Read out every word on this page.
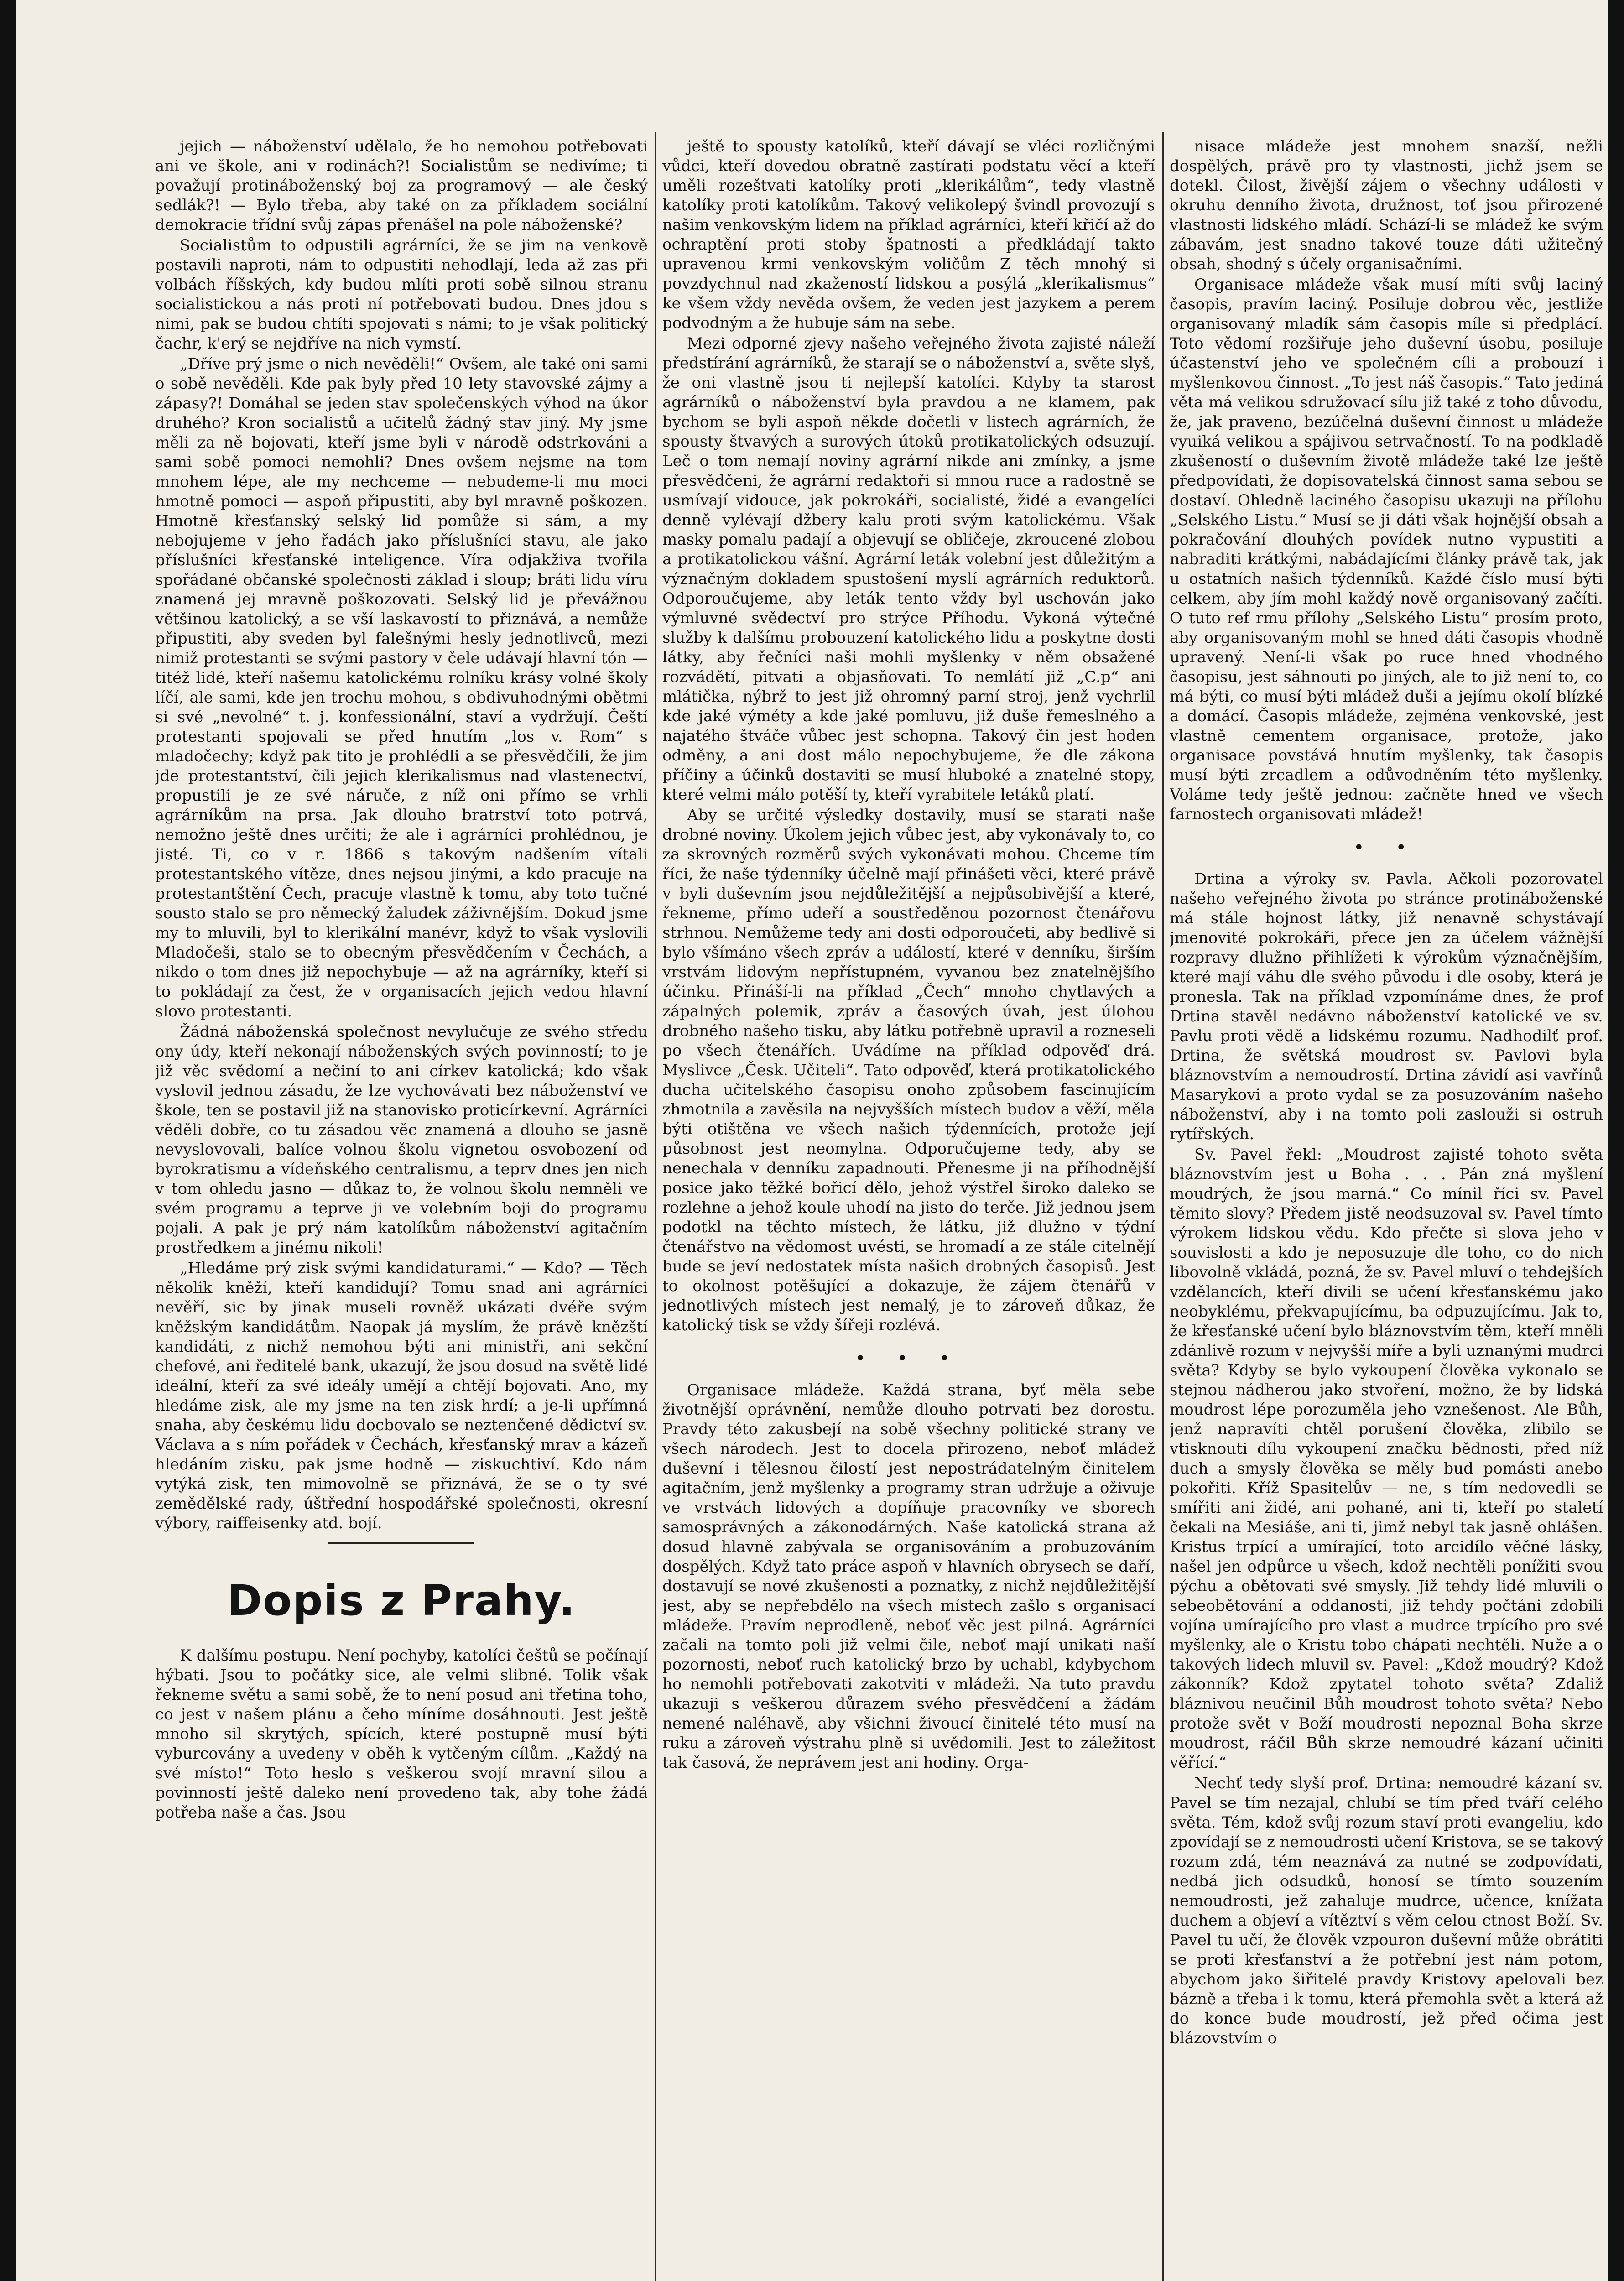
jejich — náboženství udělalo, že ho nemohou potřebovati ani ve škole, ani v rodinách?! Socialistům se nedivíme; ti považují protináboženský boj za programový — ale český sedlák?! — Bylo třeba, aby také on za příkladem sociální demokracie třídní svůj zápas přenášel na pole náboženské?

Socialistům to odpustili agrárníci, že se jim na venkově postavili naproti, nám to odpustiti nehodlají, leda až zas při volbách říšských, kdy budou mlíti proti sobě silnou stranu socialistickou a nás proti ní potřebovati budou. Dnes jdou s nimi, pak se budou chtíti spojovati s námi; to je však politický čachr, k'erý se nejdříve na nich vymstí.

„Dříve prý jsme o nich nevěděli!“ Ovšem, ale také oni sami o sobě nevěděli. Kde pak byly před 10 lety stavovské zájmy a zápasy?! Domáhal se jeden stav společenských výhod na úkor druhého? Kron socialistů a učitelů žádný stav jiný. My jsme měli za ně bojovati, kteří jsme byli v národě odstrkováni a sami sobě pomoci nemohli? Dnes ovšem nejsme na tom mnohem lépe, ale my nechceme — nebudeme-li mu moci hmotně pomoci — aspoň připustiti, aby byl mravně poškozen. Hmotně křesťanský selský lid pomůže si sám, a my nebojujeme v jeho řadách jako příslušníci stavu, ale jako příslušníci křesťanské inteligence. Víra odjakživa tvořila spořádané občanské společnosti základ i sloup; bráti lidu víru znamená jej mravně poškozovati. Selský lid je převážnou většinou katolický, a se vší laskavostí to přiznává, a nemůže připustiti, aby sveden byl falešnými hesly jednotlivců, mezi nimiž protestanti se svými pastory v čele udávají hlavní tón — titéž lidé, kteří našemu katolickému rolníku krásy volné školy líčí, ale sami, kde jen trochu mohou, s obdivuhodnými obětmi si své „nevolné“ t. j. konfessionální, staví a vydržují. Čeští protestanti spojovali se před hnutím „los v. Rom“ s mladočechy; když pak tito je prohlédli a se přesvědčili, že jim jde protestantství, čili jejich klerikalismus nad vlastenectví, propustili je ze své náruče, z níž oni přímo se vrhli agrárníkům na prsa. Jak dlouho bratrství toto potrvá, nemožno ještě dnes určiti; že ale i agrárníci prohlédnou, je jisté. Ti, co v r. 1866 s takovým nadšením vítali protestantského vítěze, dnes nejsou jinými, a kdo pracuje na protestantštění Čech, pracuje vlastně k tomu, aby toto tučné sousto stalo se pro německý žaludek záživnějším. Dokud jsme my to mluvili, byl to klerikální manévr, když to však vyslovili Mladočeši, stalo se to obecným přesvědčením v Čechách, a nikdo o tom dnes již nepochybuje — až na agrárníky, kteří si to pokládají za čest, že v organisacích jejich vedou hlavní slovo protestanti.

Žádná náboženská společnost nevylučuje ze svého středu ony údy, kteří nekonají náboženských svých povinností; to je již věc svědomí a nečiní to ani církev katolická; kdo však vyslovil jednou zásadu, že lze vychovávati bez náboženství ve škole, ten se postavil již na stanovisko proticírkevní. Agrárníci věděli dobře, co tu zásadou věc znamená a dlouho se jasně nevyslovovali, balíce volnou školu vignetou osvobození od byrokratismu a vídeňského centralismu, a teprv dnes jen nich v tom ohledu jasno — důkaz to, že volnou školu nemněli ve svém programu a teprve ji ve volebním boji do programu pojali. A pak je prý nám katolíkům náboženství agitačním prostředkem a jinému nikoli!

„Hledáme prý zisk svými kandidaturami.“ — Kdo? — Těch několik kněží, kteří kandidují? Tomu snad ani agrárníci nevěří, sic by jinak museli rovněž ukázati dvéře svým kněžským kandidátům. Naopak já myslím, že právě knězští kandidáti, z nichž nemohou býti ani ministři, ani sekční chefové, ani ředitelé bank, ukazují, že jsou dosud na světě lidé ideální, kteří za své ideály umějí a chtějí bojovati. Ano, my hledáme zisk, ale my jsme na ten zisk hrdí; a je-li upřímná snaha, aby českému lidu docbovalo se neztenčené dědictví sv. Václava a s ním pořádek v Čechách, křesťanský mrav a kázeň hledáním zisku, pak jsme hodně — ziskuchtiví. Kdo nám vytýká zisk, ten mimovolně se přiznává, že se o ty své zemědělské rady, úštřední hospodářské společnosti, okresní výbory, raiffeisenky atd. bojí.

Dopis z Prahy.

K dalšímu postupu. Není pochyby, katolíci češtů se počínají hýbati. Jsou to počátky sice, ale velmi slibné. Tolik však řekneme světu a sami sobě, že to není posud ani třetina toho, co jest v našem plánu a čeho míníme dosáhnouti. Jest ještě mnoho sil skrytých, spících, které postupně musí býti vyburcovány a uvedeny v oběh k vytčeným cílům. „Každý na své místo!“ Toto heslo s veškerou svojí mravní silou a povinností ještě daleko není provedeno tak, aby tohe žádá potřeba naše a čas. Jsou

ještě to spousty katolíků, kteří dávají se vléci rozličnými vůdci, kteří dovedou obratně zastírati podstatu věcí a kteří uměli rozeštvati katolíky proti „klerikálům“, tedy vlastně katolíky proti katolíkům. Takový velikolepý švindl provozují s našim venkovským lidem na příklad agrárníci, kteří křičí až do ochraptění proti stoby špatnosti a předkládají takto upravenou krmi venkovským voličům Z těch mnohý si povzdychnul nad zkažeností lidskou a posýlá „klerikalismus“ ke všem vždy nevěda ovšem, že veden jest jazykem a perem podvodným a že hubuje sám na sebe.

Mezi odporné zjevy našeho veřejného života zajisté náleží předstírání agrárníků, že starají se o náboženství a, světe slyš, že oni vlastně jsou ti nejlepší katolíci. Kdyby ta starost agrárníků o náboženství byla pravdou a ne klamem, pak bychom se byli aspoň někde dočetli v listech agrárních, že spousty štvavých a surových útoků protikatolických odsuzují. Leč o tom nemají noviny agrární nikde ani zmínky, a jsme přesvědčeni, že agrární redaktoři si mnou ruce a radostně se usmívají vidouce, jak pokrokáři, socialisté, židé a evangelíci denně vylévají džbery kalu proti svým katolickému. Však masky pomalu padají a objevují se obličeje, zkroucené zlobou a protikatolickou vášní. Agrární leták volební jest důležitým a význačným dokladem spustošení myslí agrárních reduktorů. Odporoučujeme, aby leták tento vždy byl uschován jako výmluvné svědectví pro strýce Příhodu. Vykoná výtečné služby k dalšímu probouzení katolického lidu a poskytne dosti látky, aby řečníci naši mohli myšlenky v něm obsažené rozvádětí, pitvati a objasňovati. To nemlátí již „C.p“ ani mlátička, nýbrž to jest již ohromný parní stroj, jenž vychrlil kde jaké výméty a kde jaké pomluvu, již duše řemeslného a najatého štváče vůbec jest schopna. Takový čin jest hoden odměny, a ani dost málo nepochybujeme, že dle zákona příčiny a účinků dostaviti se musí hluboké a znatelné stopy, které velmi málo potěší ty, kteří vyrabitele letáků platí.

Aby se určité výsledky dostavily, musí se starati naše drobné noviny. Úkolem jejich vůbec jest, aby vykonávaly to, co za skrovných rozměrů svých vykonávati mohou. Chceme tím říci, že naše týdenníky účelně mají přinášeti věci, které právě v byli duševním jsou nejdůležitější a nejpůsobivější a které, řekneme, přímo udeří a soustředěnou pozornost čtenářovu strhnou. Nemůžeme tedy ani dosti odporoučeti, aby bedlivě si bylo všímáno všech zpráv a událostí, které v denníku, širším vrstvám lidovým nepřístupném, vyvanou bez znatelnějšího účinku. Přináší-li na příklad „Čech“ mnoho chytlavých a zápalných polemik, zpráv a časových úvah, jest úlohou drobného našeho tisku, aby látku potřebně upravil a rozneseli po všech čtenářích. Uvádíme na příklad odpověď drá. Myslivce „Česk. Učiteli“. Tato odpověď, která protikatolického ducha učitelského časopisu onoho způsobem fascinujícím zhmotnila a zavěsila na nejvyšších místech budov a věží, měla býti otištěna ve všech našich týdennících, protože její působnost jest neomylna. Odporučujeme tedy, aby se nenechala v denníku zapadnouti. Přenesme ji na příhodnější posice jako těžké bořicí dělo, jehož výstřel široko daleko se rozlehne a jehož koule uhodí na jisto do terče. Již jednou jsem podotkl na těchto místech, že látku, již dlužno v týdní čtenářstvo na vědomost uvésti, se hromadí a ze stále citelnějí bude se jeví nedostatek místa našich drobných časopisů. Jest to okolnost potěšující a dokazuje, že zájem čtenářů v jednotlivých místech jest nemalý, je to zároveň důkaz, že katolický tisk se vždy šířeji rozlévá.

• • •

Organisace mládeže. Každá strana, byť měla sebe životnější oprávnění, nemůže dlouho potrvati bez dorostu. Pravdy této zakusbejí na sobě všechny politické strany ve všech národech. Jest to docela přirozeno, neboť mládež duševní i tělesnou čilostí jest nepostrádatelným činitelem agitačním, jenž myšlenky a programy stran udržuje a oživuje ve vrstvách lidových a dopíňuje pracovníky ve sborech samosprávných a zákonodárných. Naše katolická strana až dosud hlavně zabývala se organisováním a probuzováním dospělých. Když tato práce aspoň v hlavních obrysech se daří, dostavují se nové zkušenosti a poznatky, z nichž nejdůležitější jest, aby se nepřebdělo na všech místech zašlo s organisací mládeže. Pravím neprodleně, neboť věc jest pilná. Agrárníci začali na tomto poli již velmi čile, neboť mají unikati naší pozornosti, neboť ruch katolický brzo by uchabl, kdybychom ho nemohli potřebovati zakotviti v mládeži. Na tuto pravdu ukazuji s veškerou důrazem svého přesvědčení a žádám nemené naléhavě, aby všichni živoucí činitelé této musí na ruku a zároveň výstrahu plně si uvědomili. Jest to záležitost tak časová, že neprávem jest ani hodiny. Orga-

nisace mládeže jest mnohem snazší, nežli dospělých, právě pro ty vlastnosti, jichž jsem se dotekl. Čilost, živější zájem o všechny události v okruhu denního života, družnost, toť jsou přirozené vlastnosti lidského mládí. Schází-li se mládež ke svým zábavám, jest snadno takové touze dáti užitečný obsah, shodný s účely organisačními.

Organisace mládeže však musí míti svůj laciný časopis, pravím laciný. Posiluje dobrou věc, jestliže organisovaný mladík sám časopis míle si předplácí. Toto vědomí rozšiřuje jeho duševní úsobu, posiluje účastenství jeho ve společném cíli a probouzí i myšlenkovou činnost. „To jest náš časopis.“ Tato jediná věta má velikou sdružovací sílu již také z toho důvodu, že, jak praveno, bezúčelná duševní činnost u mládeže vyuiká velikou a spájivou setrvačností. To na podkladě zkušeností o duševním životě mládeže také lze ještě předpovídati, že dopisovatelská činnost sama sebou se dostaví. Ohledně laciného časopisu ukazuji na přílohu „Selského Listu.“ Musí se ji dáti však hojnější obsah a pokračování dlouhých povídek nutno vypustiti a nabraditi krátkými, nabádajícími články právě tak, jak u ostatních našich týdenníků. Každé číslo musí býti celkem, aby jím mohl každý nově organisovaný začíti. O tuto ref rmu přílohy „Selského Listu“ prosím proto, aby organisovaným mohl se hned dáti časopis vhodně upravený. Není-li však po ruce hned vhodného časopisu, jest sáhnouti po jiných, ale to již není to, co má býti, co musí býti mládež duši a jejímu okolí blízké a domácí. Časopis mládeže, zejména venkovské, jest vlastně cementem organisace, protože, jako organisace povstává hnutím myšlenky, tak časopis musí býti zrcadlem a odůvodněním této myšlenky. Voláme tedy ještě jednou: začněte hned ve všech farnostech organisovati mládež!

• •

Drtina a výroky sv. Pavla. Ačkoli pozorovatel našeho veřejného života po stránce protináboženské má stále hojnost látky, již nenavně schystávají jmenovité pokrokáři, přece jen za účelem vážnější rozpravy dlužno přihlížeti k výrokům význačnějším, které mají váhu dle svého původu i dle osoby, která je pronesla. Tak na příklad vzpomínáme dnes, že prof Drtina stavěl nedávno náboženství katolické ve sv. Pavlu proti vědě a lidskému rozumu. Nadhodilť prof. Drtina, že světská moudrost sv. Pavlovi byla bláznovstvím a nemoudrostí. Drtina závidí asi vavřínů Masarykovi a proto vydal se za posuzováním našeho náboženství, aby i na tomto poli zaslouži si ostruh rytířských.

Sv. Pavel řekl: „Moudrost zajisté tohoto světa bláznovstvím jest u Boha . . . Pán zná myšlení moudrých, že jsou marná.“ Co mínil říci sv. Pavel těmito slovy? Předem jistě neodsuzoval sv. Pavel tímto výrokem lidskou vědu. Kdo přečte si slova jeho v souvislosti a kdo je neposuzuje dle toho, co do nich libovolně vkládá, pozná, že sv. Pavel mluví o tehdejších vzdělancích, kteří divili se učení křesťanskému jako neobyklému, překvapujícímu, ba odpuzujícímu. Jak to, že křesťanské učení bylo bláznovstvím těm, kteří mněli zdánlivě rozum v nejvyšší míře a byli uznanými mudrci světa? Kdyby se bylo vykoupení člověka vykonalo se stejnou nádherou jako stvoření, možno, že by lidská moudrost lépe porozuměla jeho vznešenost. Ale Bůh, jenž napravíti chtěl porušení člověka, zlibilo se vtisknouti dílu vykoupení značku bědnosti, před níž duch a smysly člověka se měly bud pomásti anebo pokořiti. Kříž Spasitelův — ne, s tím nedovedli se smířiti ani židé, ani pohané, ani ti, kteří po staletí čekali na Mesiáše, ani ti, jimž nebyl tak jasně ohlášen. Kristus trpící a umírající, toto arcidílo věčné lásky, našel jen odpůrce u všech, kdož nechtěli ponížiti svou pýchu a obětovati své smysly. Již tehdy lidé mluvili o sebeobětování a oddanosti, již tehdy počtáni zdobili vojína umírajícího pro vlast a mudrce trpícího pro své myšlenky, ale o Kristu tobo chápati nechtěli. Nuže a o takových lidech mluvil sv. Pavel: „Kdož moudrý? Kdož zákonník? Kdož zpytatel tohoto světa? Zdaliž bláznivou neučinil Bůh moudrost tohoto světa? Nebo protože svět v Boží moudrosti nepoznal Boha skrze moudrost, ráčil Bůh skrze nemoudré kázaní učiniti věřící.“

Nechť tedy slyší prof. Drtina: nemoudré kázaní sv. Pavel se tím nezajal, chlubí se tím před tváří celého světa. Tém, kdož svůj rozum staví proti evangeliu, kdo zpovídají se z nemoudrosti učení Kristova, se se takový rozum zdá, tém neaznává za nutné se zodpovídati, nedbá jich odsudků, honosí se tímto souzením nemoudrosti, jež zahaluje mudrce, učence, knížata duchem a objeví a vítěztví s věm celou ctnost Boží. Sv. Pavel tu učí, že člověk vzpouron duševní může obrátiti se proti křesťanství a že potřební jest nám potom, abychom jako šiřitelé pravdy Kristovy apelovali bez bázně a třeba i k tomu, která přemohla svět a která až do konce bude moudrostí, jež před očima jest blázovstvím o
